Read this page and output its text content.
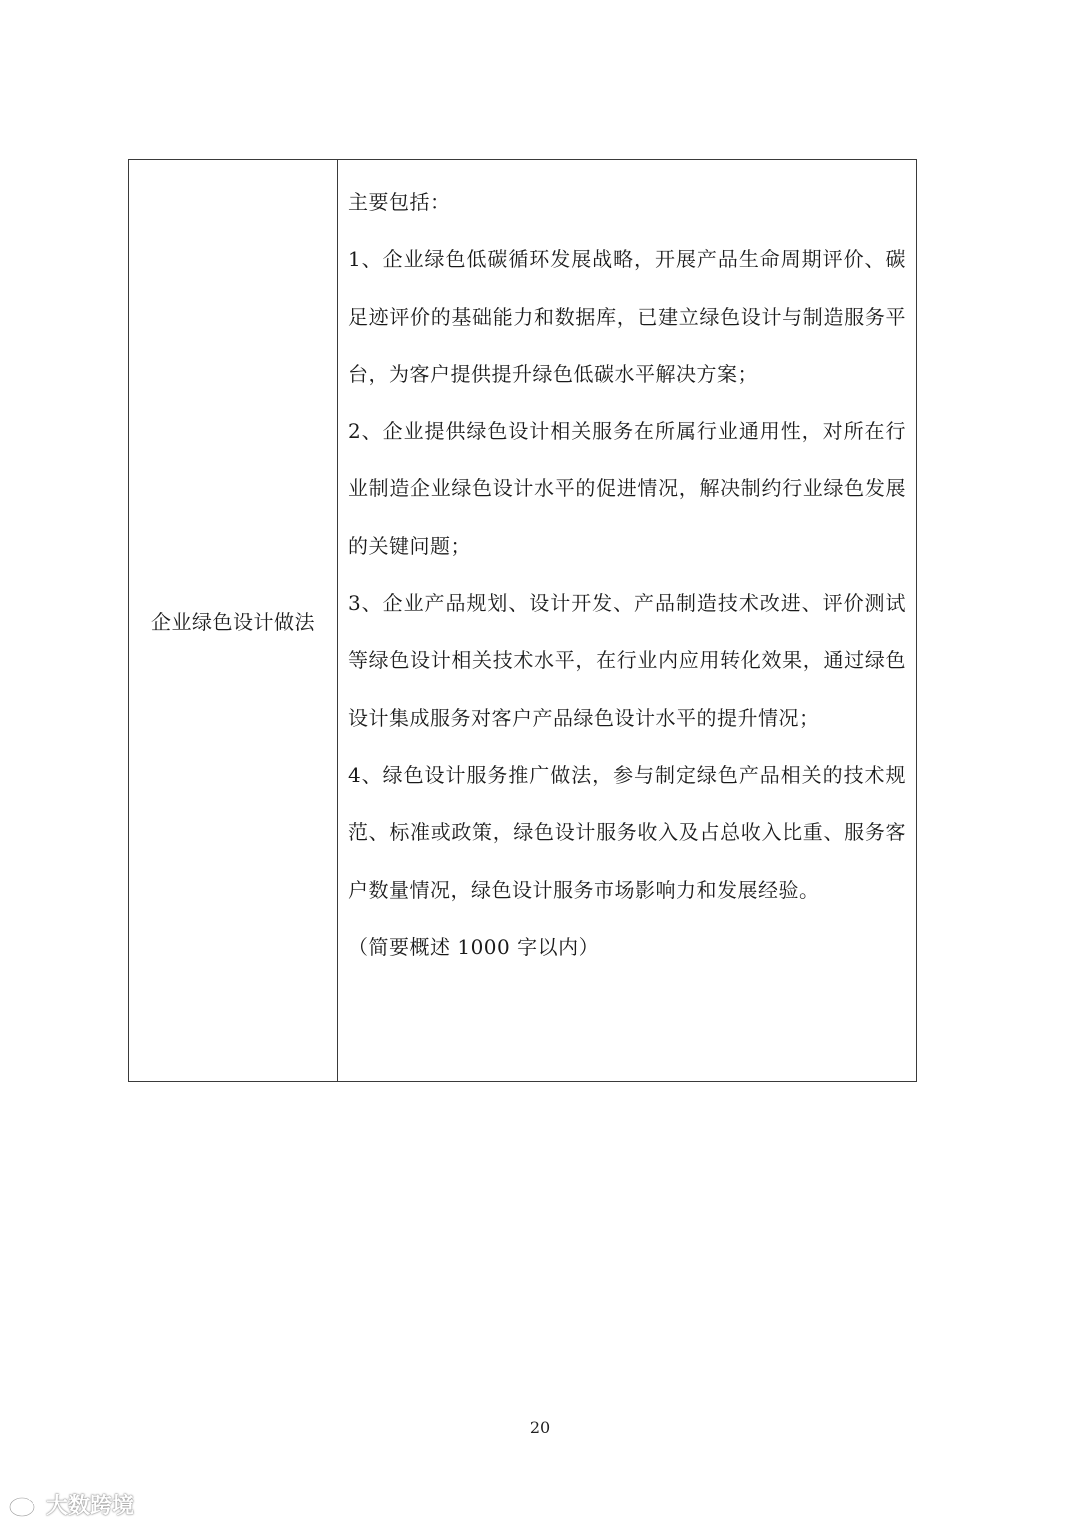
企业绿色设计做法	

主要包括：

1、企业绿色低碳循环发展战略，开展产品生命周期评价、碳足迹评价的基础能力和数据库，已建立绿色设计与制造服务平台，为客户提供提升绿色低碳水平解决方案；

2、企业提供绿色设计相关服务在所属行业通用性，对所在行业制造企业绿色设计水平的促进情况，解决制约行业绿色发展的关键问题；

3、企业产品规划、设计开发、产品制造技术改进、评价测试等绿色设计相关技术水平，在行业内应用转化效果，通过绿色设计集成服务对客户产品绿色设计水平的提升情况；

4、绿色设计服务推广做法，参与制定绿色产品相关的技术规范、标准或政策，绿色设计服务收入及占总收入比重、服务客户数量情况，绿色设计服务市场影响力和发展经验。

（简要概述 1000 字以内）

20
大数跨境
